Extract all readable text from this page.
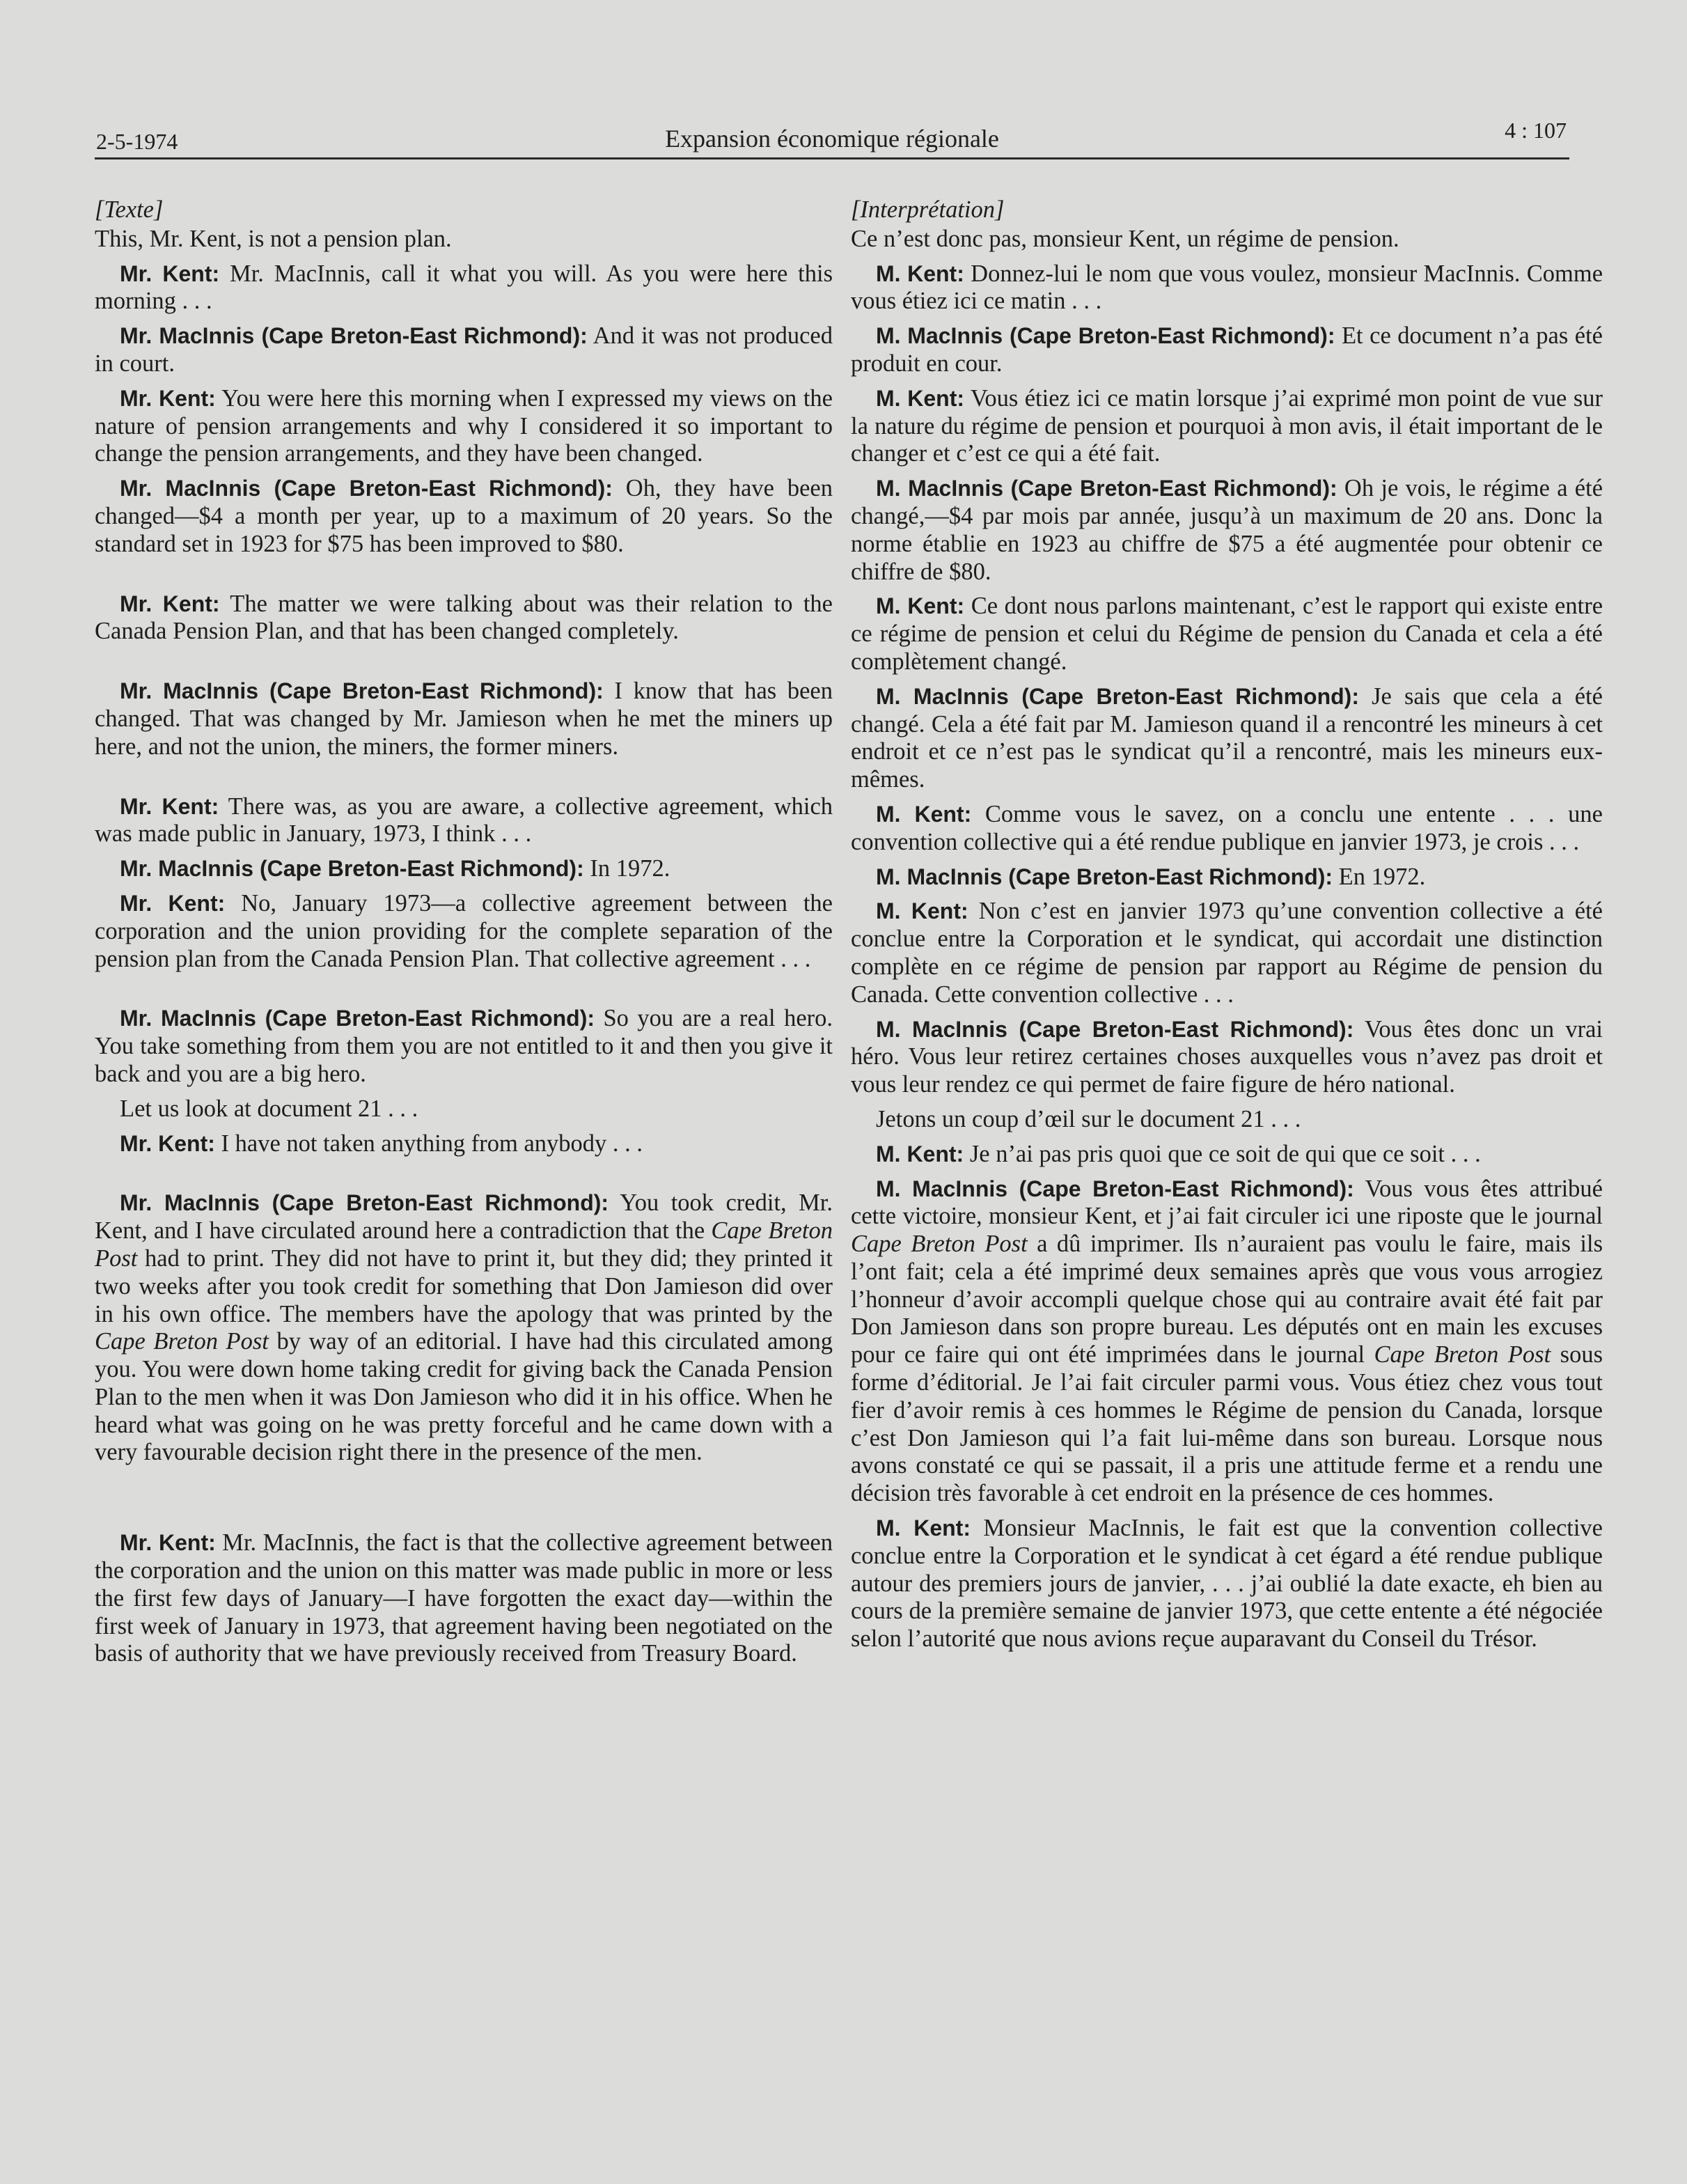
2-5-1974	Expansion économique régionale	4 : 107
[Texte]

This, Mr. Kent, is not a pension plan.

Mr. Kent: Mr. MacInnis, call it what you will. As you were here this morning . . .

Mr. MacInnis (Cape Breton-East Richmond): And it was not produced in court.

Mr. Kent: You were here this morning when I expressed my views on the nature of pension arrangements and why I considered it so important to change the pension arrangements, and they have been changed.

Mr. MacInnis (Cape Breton-East Richmond): Oh, they have been changed—$4 a month per year, up to a maximum of 20 years. So the standard set in 1923 for $75 has been improved to $80.

Mr. Kent: The matter we were talking about was their relation to the Canada Pension Plan, and that has been changed completely.

Mr. MacInnis (Cape Breton-East Richmond): I know that has been changed. That was changed by Mr. Jamieson when he met the miners up here, and not the union, the miners, the former miners.

Mr. Kent: There was, as you are aware, a collective agreement, which was made public in January, 1973, I think . . .

Mr. MacInnis (Cape Breton-East Richmond): In 1972.

Mr. Kent: No, January 1973—a collective agreement between the corporation and the union providing for the complete separation of the pension plan from the Canada Pension Plan. That collective agreement . . .

Mr. MacInnis (Cape Breton-East Richmond): So you are a real hero. You take something from them you are not entitled to it and then you give it back and you are a big hero.

Let us look at document 21 . . .

Mr. Kent: I have not taken anything from anybody . . .

Mr. MacInnis (Cape Breton-East Richmond): You took credit, Mr. Kent, and I have circulated around here a contradiction that the Cape Breton Post had to print. They did not have to print it, but they did; they printed it two weeks after you took credit for something that Don Jamieson did over in his own office. The members have the apology that was printed by the Cape Breton Post by way of an editorial. I have had this circulated among you. You were down home taking credit for giving back the Canada Pension Plan to the men when it was Don Jamieson who did it in his office. When he heard what was going on he was pretty forceful and he came down with a very favourable decision right there in the presence of the men.

Mr. Kent: Mr. MacInnis, the fact is that the collective agreement between the corporation and the union on this matter was made public in more or less the first few days of January—I have forgotten the exact day—within the first week of January in 1973, that agreement having been negotiated on the basis of authority that we have previously received from Treasury Board.

[Interprétation]

Ce n’est donc pas, monsieur Kent, un régime de pension.

M. Kent: Donnez-lui le nom que vous voulez, monsieur MacInnis. Comme vous étiez ici ce matin . . .

M. MacInnis (Cape Breton-East Richmond): Et ce document n’a pas été produit en cour.

M. Kent: Vous étiez ici ce matin lorsque j’ai exprimé mon point de vue sur la nature du régime de pension et pourquoi à mon avis, il était important de le changer et c’est ce qui a été fait.

M. MacInnis (Cape Breton-East Richmond): Oh je vois, le régime a été changé,—$4 par mois par année, jusqu’à un maximum de 20 ans. Donc la norme établie en 1923 au chiffre de $75 a été augmentée pour obtenir ce chiffre de $80.

M. Kent: Ce dont nous parlons maintenant, c’est le rapport qui existe entre ce régime de pension et celui du Régime de pension du Canada et cela a été complètement changé.

M. MacInnis (Cape Breton-East Richmond): Je sais que cela a été changé. Cela a été fait par M. Jamieson quand il a rencontré les mineurs à cet endroit et ce n’est pas le syndicat qu’il a rencontré, mais les mineurs eux-mêmes.

M. Kent: Comme vous le savez, on a conclu une entente . . . une convention collective qui a été rendue publique en janvier 1973, je crois . . .

M. MacInnis (Cape Breton-East Richmond): En 1972.

M. Kent: Non c’est en janvier 1973 qu’une convention collective a été conclue entre la Corporation et le syndicat, qui accordait une distinction complète en ce régime de pension par rapport au Régime de pension du Canada. Cette convention collective . . .

M. MacInnis (Cape Breton-East Richmond): Vous êtes donc un vrai héro. Vous leur retirez certaines choses auxquelles vous n’avez pas droit et vous leur rendez ce qui permet de faire figure de héro national.

Jetons un coup d’œil sur le document 21 . . .

M. Kent: Je n’ai pas pris quoi que ce soit de qui que ce soit . . .

M. MacInnis (Cape Breton-East Richmond): Vous vous êtes attribué cette victoire, monsieur Kent, et j’ai fait circuler ici une riposte que le journal Cape Breton Post a dû imprimer. Ils n’auraient pas voulu le faire, mais ils l’ont fait; cela a été imprimé deux semaines après que vous vous arrogiez l’honneur d’avoir accompli quelque chose qui au contraire avait été fait par Don Jamieson dans son propre bureau. Les députés ont en main les excuses pour ce faire qui ont été imprimées dans le journal Cape Breton Post sous forme d’éditorial. Je l’ai fait circuler parmi vous. Vous étiez chez vous tout fier d’avoir remis à ces hommes le Régime de pension du Canada, lorsque c’est Don Jamieson qui l’a fait lui-même dans son bureau. Lorsque nous avons constaté ce qui se passait, il a pris une attitude ferme et a rendu une décision très favorable à cet endroit en la présence de ces hommes.

M. Kent: Monsieur MacInnis, le fait est que la convention collective conclue entre la Corporation et le syndicat à cet égard a été rendue publique autour des premiers jours de janvier, . . . j’ai oublié la date exacte, eh bien au cours de la première semaine de janvier 1973, que cette entente a été négociée selon l’autorité que nous avions reçue auparavant du Conseil du Trésor.
